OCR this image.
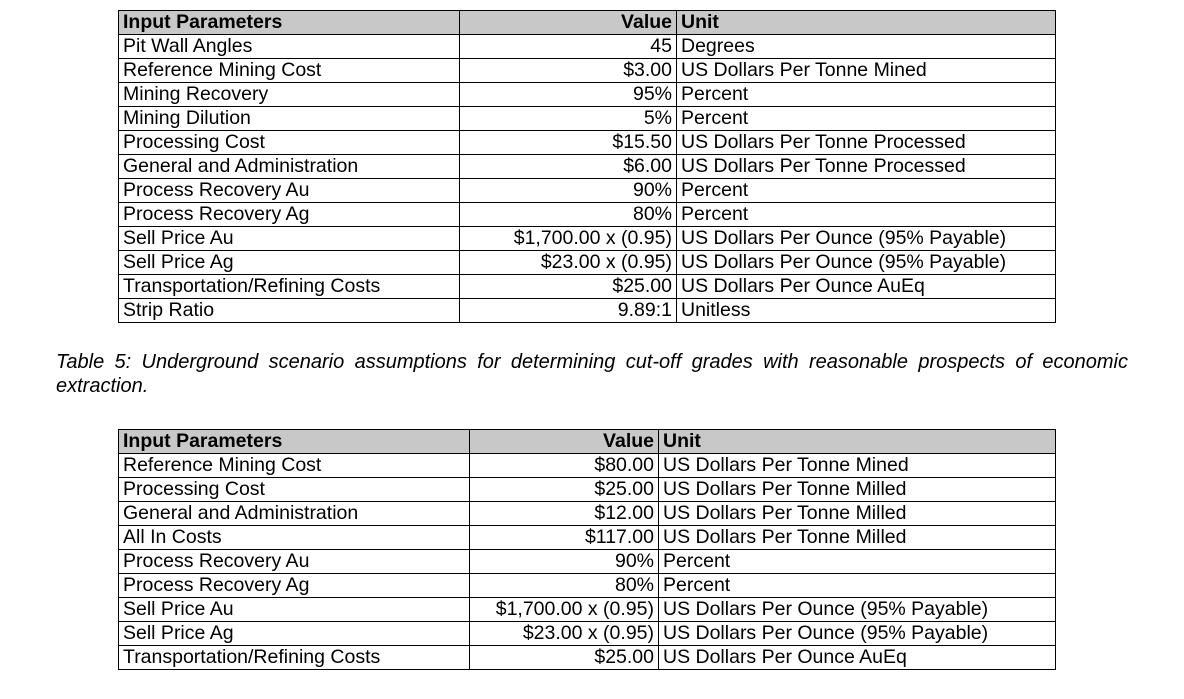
Input Parameters	Value	Unit
Pit Wall Angles	45	Degrees
Reference Mining Cost	$3.00	US Dollars Per Tonne Mined
Mining Recovery	95%	Percent
Mining Dilution	5%	Percent
Processing Cost	$15.50	US Dollars Per Tonne Processed
General and Administration	$6.00	US Dollars Per Tonne Processed
Process Recovery Au	90%	Percent
Process Recovery Ag	80%	Percent
Sell Price Au	$1,700.00 x (0.95)	US Dollars Per Ounce (95% Payable)
Sell Price Ag	$23.00 x (0.95)	US Dollars Per Ounce (95% Payable)
Transportation/Refining Costs	$25.00	US Dollars Per Ounce AuEq
Strip Ratio	9.89:1	Unitless
Table 5: Underground scenario assumptions for determining cut-off grades with reasonable prospects of economic extraction.
Input Parameters	Value	Unit
Reference Mining Cost	$80.00	US Dollars Per Tonne Mined
Processing Cost	$25.00	US Dollars Per Tonne Milled
General and Administration	$12.00	US Dollars Per Tonne Milled
All In Costs	$117.00	US Dollars Per Tonne Milled
Process Recovery Au	90%	Percent
Process Recovery Ag	80%	Percent
Sell Price Au	$1,700.00 x (0.95)	US Dollars Per Ounce (95% Payable)
Sell Price Ag	$23.00 x (0.95)	US Dollars Per Ounce (95% Payable)
Transportation/Refining Costs	$25.00	US Dollars Per Ounce AuEq
